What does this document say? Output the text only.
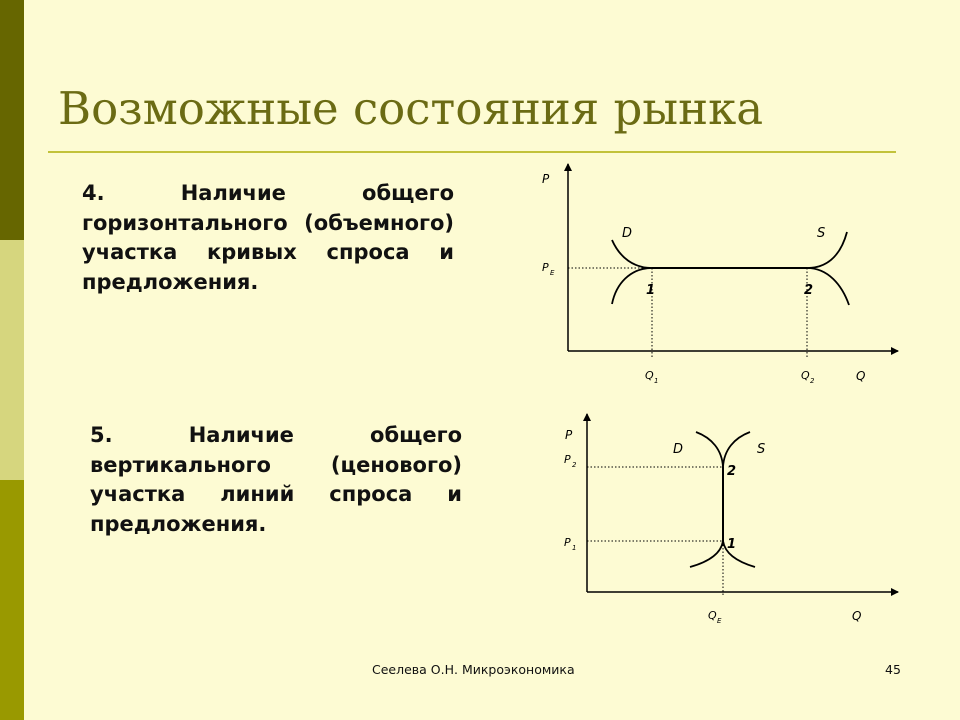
Возможные состояния рынка

4. Наличие общего горизонтального (объемного) участка кривых спроса и предложения.

5. Наличие общего вертикального (ценового) участка линий спроса и предложения.

P
Q
D	S
P E
1	2
Q 1	Q 2
P
Q
D	S
P 2
P 1
2
1
Q E
Сеелева О.Н. Микроэкономика	45
